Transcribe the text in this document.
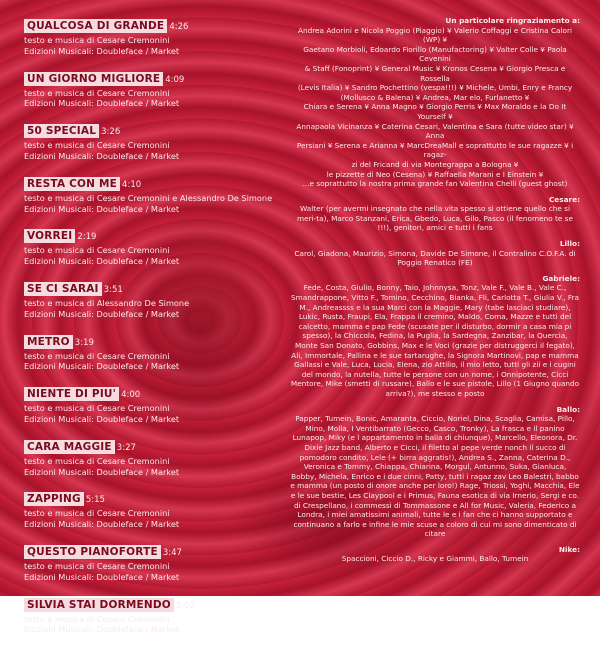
QUALCOSA DI GRANDE 4:26
testo e musica di Cesare Cremonini
Edizioni Musicali: Doubleface / Market
UN GIORNO MIGLIORE 4:09
testo e musica di Cesare Cremonini
Edizioni Musicali: Doubleface / Market
50 SPECIAL 3:26
testo e musica di Cesare Cremonini
Edizioni Musicali: Doubleface / Market
RESTA CON ME 4:10
testo e musica di Cesare Cremonini e Alessandro De Simone
Edizioni Musicali: Doubleface / Market
VORREI 2:19
testo e musica di Cesare Cremonini
Edizioni Musicali: Doubleface / Market
SE CI SARAI 3:51
testo e musica di Alessandro De Simone
Edizioni Musicali: Doubleface / Market
METRO 3:19
testo e musica di Cesare Cremonini
Edizioni Musicali: Doubleface / Market
NIENTE DI PIU' 4:00
testo e musica di Cesare Cremonini
Edizioni Musicali: Doubleface / Market
CARA MAGGIE 3:27
testo e musica di Cesare Cremonini
Edizioni Musicali: Doubleface / Market
ZAPPING 5:15
testo e musica di Cesare Cremonini
Edizioni Musicali: Doubleface / Market
QUESTO PIANOFORTE 3:47
testo e musica di Cesare Cremonini
Edizioni Musicali: Doubleface / Market
SILVIA STAI DORMENDO 5:02
testo e musica di Cesare Cremonini
Edizioni Musicali: Doubleface / Market
Un particolare ringraziamento a:
Andrea Adorini e Nicola Poggio (Piaggio) ¥ Valerio Coffaggi e Cristina Calori (WP) ¥
Gaetano Morbioli, Edoardo Fiorillo (Manufactoring) ¥ Valter Colle ¥ Paola Cevenini
& Staff (Fonoprint) ¥ General Music ¥ Kronos Cesena ¥ Giorgio Presca e Rossella
(Levis Italia) ¥ Sandro Pochettino (vespa!!!) ¥ Michele, Umbi, Enry e Francy
(Mollusco & Balena) ¥ Andrea, Mar elo, Furlanetto ¥
Chiara e Serena ¥ Anna Magno ¥ Giorgio Perris ¥ Max Moraldo e la Do It Yourself ¥
Annapaola Vicinanza ¥ Caterina Cesari, Valentina e Sara (tutte video star) ¥ Anna
Persiani ¥ Serena e Arianna ¥ MarcDreaMall e soprattutto le sue ragazze ¥ i ragaz-
zi del Fricand di via Montegrappa a Bologna ¥
le pizzette di Neo (Cesena) ¥ Raffaella Marani e I Einstein ¥
...e soprattutto la nostra prima grande fan Valentina Chelli (guest ghost)
Cesare:
Walter (per avermi insegnato che nella vita spesso si ottiene quello che si meri-ta), Marco Stanzani, Erica, Gbedo, Luca, Gilo, Pasco (il fenomeno te se !!!), genitori, amici e tutti i fans
Lillo:
Carol, Giadona, Maurizio, Simona, Davide De Simone, il Contralino C.O.F.A. di Poggio Renatico (FE)
Gabriele:
Fede, Costa, Giulio, Bonny, Taio, Johnnysa, Tonz, Vale F., Vale B., Vale C., Smandrappone, Vitto F., Tomino, Cecchino, Bianka, Fli, Carlotta T., Giulia V., Fra M., Andreassss e la sua Marci con la Maggie, Mary (tabe lasciaci studiare), Lukic, Rusta, Fraupi, Ela, Frappa il cremino, Maldo, Coma, Mazze e tutti del calcetto, mamma e pap Fede (scusate per il disturbo, dormir a casa mia pi spesso), la Chiccola, Fedina, la Puglia, la Sardegna, Zanzibar, la Quercia, Monte San Donato, Gobbins, Max e le Voci (grazie per distruggerci il fegato), Ali, Immortale, Pallina e le sue tartarughe, la Signora Martinovi, pap e mamma Gallassi e Vale, Luca, Lucia, Elena, zio Attilio, il mio letto, tutti gli zii e i cugini del mondo, la nutella, tutte le persone con un nome, i Onnipotente, Cicci Mentore, Mike (smetti di russare), Ballo e le sue pistole, Lillo (1 Giugno quando arriva?), me stesso e posto
Ballo:
Papper, Tumein, Bonic, Amaranta, Ciccio, Noriel, Dina, Scaglia, Camisa, Pillo, Mino, Molla, I Ventibarrato (Gecco, Casco, Tronky), La frasca e il panino Lunapop, Miky (e l appartamento in balia di chiunque), Marcello, Eleonora, Dr. Dixie Jazz band, Alberto e Cicci, il filetto al pepe verde nonch il succo di pomodoro condito, Lele (+ birra aggratis!), Andrea S., Zanna, Caterina D., Veronica e Tommy, Chiappa, Chiarina, Morgul, Antunno, Suka, Gianluca, Bobby, Michela, Enrico e i due cinni, Patty, tutti i ragaz zav Leo Balestri, babbo e mamma (un posto di onore anche per loro!) Rage, Triossi, Yoghi, Macchia, Ele e le sue bestie, Les Claypool e i Primus, Fauna esotica di via Irnerio, Sergi e co. di Crespellano, i commessi di Tommassone e All for Music, Valeria, Federico a Londra, i miei amatissimi animali, tutte le e i fan che ci hanno supportato e continuano a farlo e infine le mie scuse a coloro di cui mi sono dimenticato di citare
Nike:
Spaccioni, Ciccio D., Ricky e Giammi, Ballo, Tumein
